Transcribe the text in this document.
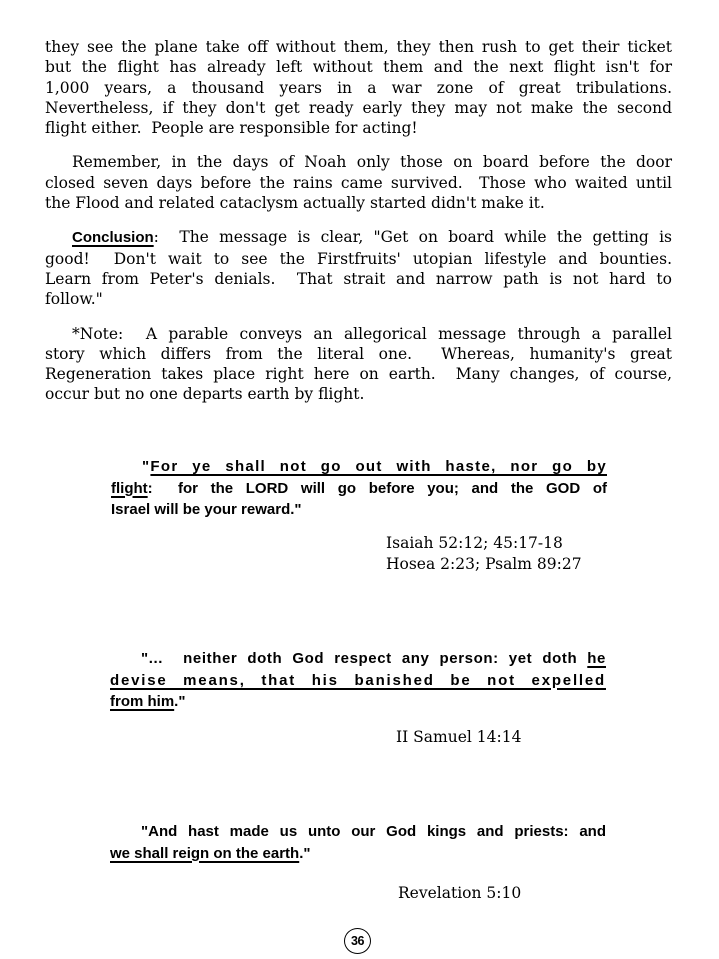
they see the plane take off without them, they then rush to get their ticket
but the flight has already left without them and the next flight isn't for
1,000 years, a thousand years in a war zone of great tribulations.
Nevertheless, if they don't get ready early they may not make the second
flight either.  People are responsible for acting!
Remember, in the days of Noah only those on board before the door
closed seven days before the rains came survived.  Those who waited until
the Flood and related cataclysm actually started didn't make it.
Conclusion:  The message is clear, "Get on board while the getting is
good!  Don't wait to see the Firstfruits' utopian lifestyle and bounties.
Learn from Peter's denials.  That strait and narrow path is not hard to
follow."
*Note:  A parable conveys an allegorical message through a parallel
story which differs from the literal one.  Whereas, humanity's great
Regeneration takes place right here on earth.  Many changes, of course,
occur but no one departs earth by flight.
"For ye shall not go out with haste, nor go by
flight:  for the LORD will go before you; and the GOD of
Israel will be your reward."
Isaiah 52:12; 45:17-18
Hosea 2:23; Psalm 89:27
"...  neither doth God respect any person: yet doth he
devise means, that his banished be not expelled
from him."
II Samuel 14:14
"And hast made us unto our God kings and priests: and
we shall reign on the earth."
Revelation 5:10
36
